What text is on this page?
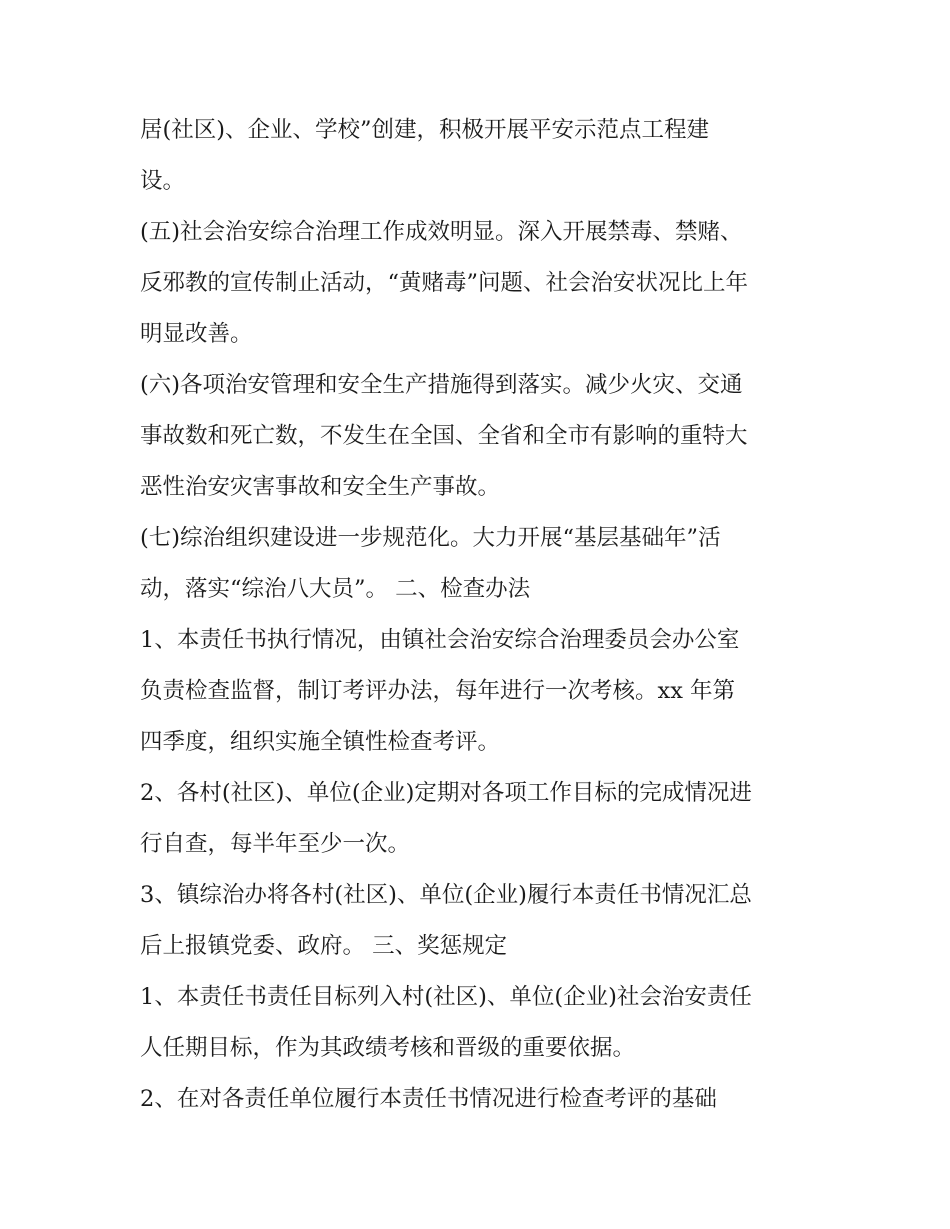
居(社区)、企业、学校”创建，积极开展平安示范点工程建

设。

(五)社会治安综合治理工作成效明显。深入开展禁毒、禁赌、

反邪教的宣传制止活动，“黄赌毒”问题、社会治安状况比上年

明显改善。

(六)各项治安管理和安全生产措施得到落实。减少火灾、交通

事故数和死亡数，不发生在全国、全省和全市有影响的重特大

恶性治安灾害事故和安全生产事故。

(七)综治组织建设进一步规范化。大力开展“基层基础年”活

动，落实“综治八大员”。 二、检查办法

1、本责任书执行情况，由镇社会治安综合治理委员会办公室

负责检查监督，制订考评办法，每年进行一次考核。xx 年第

四季度，组织实施全镇性检查考评。

2、各村(社区)、单位(企业)定期对各项工作目标的完成情况进

行自查，每半年至少一次。

3、镇综治办将各村(社区)、单位(企业)履行本责任书情况汇总

后上报镇党委、政府。 三、奖惩规定

1、本责任书责任目标列入村(社区)、单位(企业)社会治安责任

人任期目标，作为其政绩考核和晋级的重要依据。

2、在对各责任单位履行本责任书情况进行检查考评的基础
